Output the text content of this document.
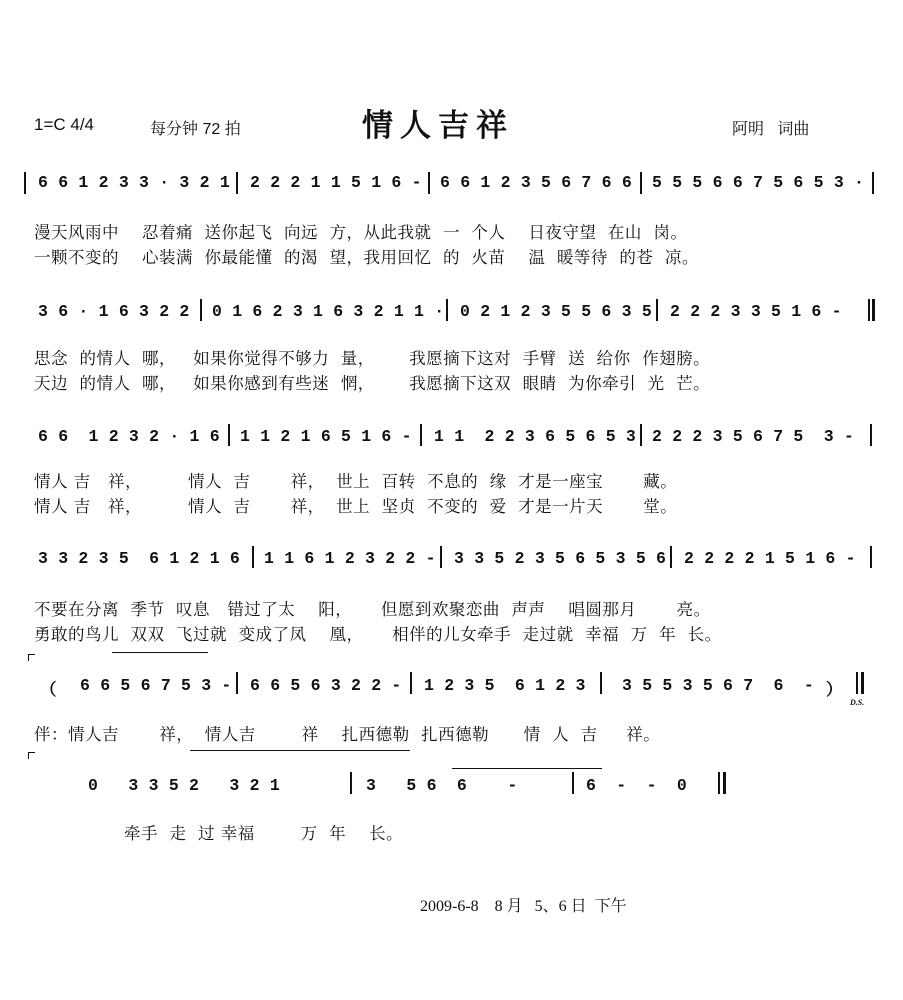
1=C 4/4	每分钟 72 拍	情人吉祥	阿明   词曲
6 6 1 2 3 3 · 3 2 1 2 2 2 1 1 5 1 6 - 6 6 1 2 3 5 6 7 6 6 5 5 5 6 6 7 5 6 5 3 ·
漫天风雨中    忍着痛  送你起飞  向远  方，从此我就  一  个人    日夜守望  在山  岗。
一颗不变的    心装满  你最能懂  的渴  望，我用回忆  的  火苗    温  暖等待  的苍  凉。
3 6 · 1 6 3 2 2 0 1 6 2 3 1 6 3 2 1 1 · 0 2 1 2 3 5 5 6 3 5 2 2 2 3 3 5 1 6 -
思念  的情人  哪，   如果你觉得不够力  量，      我愿摘下这对  手臂  送  给你  作翅膀。
天边  的情人  哪，   如果你感到有些迷  惘，      我愿摘下这双  眼睛  为你牵引  光  芒。
6 6  1 2 3 2 · 1 6 1 1 2 1 6 5 1 6 - 1 1  2 2 3 6 5 6 5 3 2 2 2 3 5 6 7 5  3 -
情人 吉   祥，        情人  吉       祥，  世上  百转  不息的  缘  才是一座宝       藏。
情人 吉   祥，        情人  吉       祥，  世上  坚贞  不变的  爱  才是一片天       堂。
3 3 2 3 5  6 1 2 1 6 1 1 6 1 2 3 2 2 - 3 3 5 2 3 5 6 5 3 5 6 2 2 2 2 1 5 1 6 -
不要在分离  季节  叹息   错过了太    阳，     但愿到欢聚恋曲  声声    唱圆那月       亮。
勇敢的鸟儿  双双  飞过就  变成了凤    凰，     相伴的儿女牵手  走过就  幸福  万  年  长。
（ 6 6 5 6 7 5 3 - 6 6 5 6 3 2 2 - 1 2 3 5  6 1 2 3 3 5 5 3 5 6 7  6  - ）
D.S.
伴：情人吉       祥，  情人吉        祥    扎西德勒  扎西德勒      情  人  吉     祥。
0   3 3 5 2   3 2 1	3   5 6  6    -	6  -  -  0
牵手  走  过 幸福        万  年    长。
2009-6-8    8 月   5、6 日  下午
